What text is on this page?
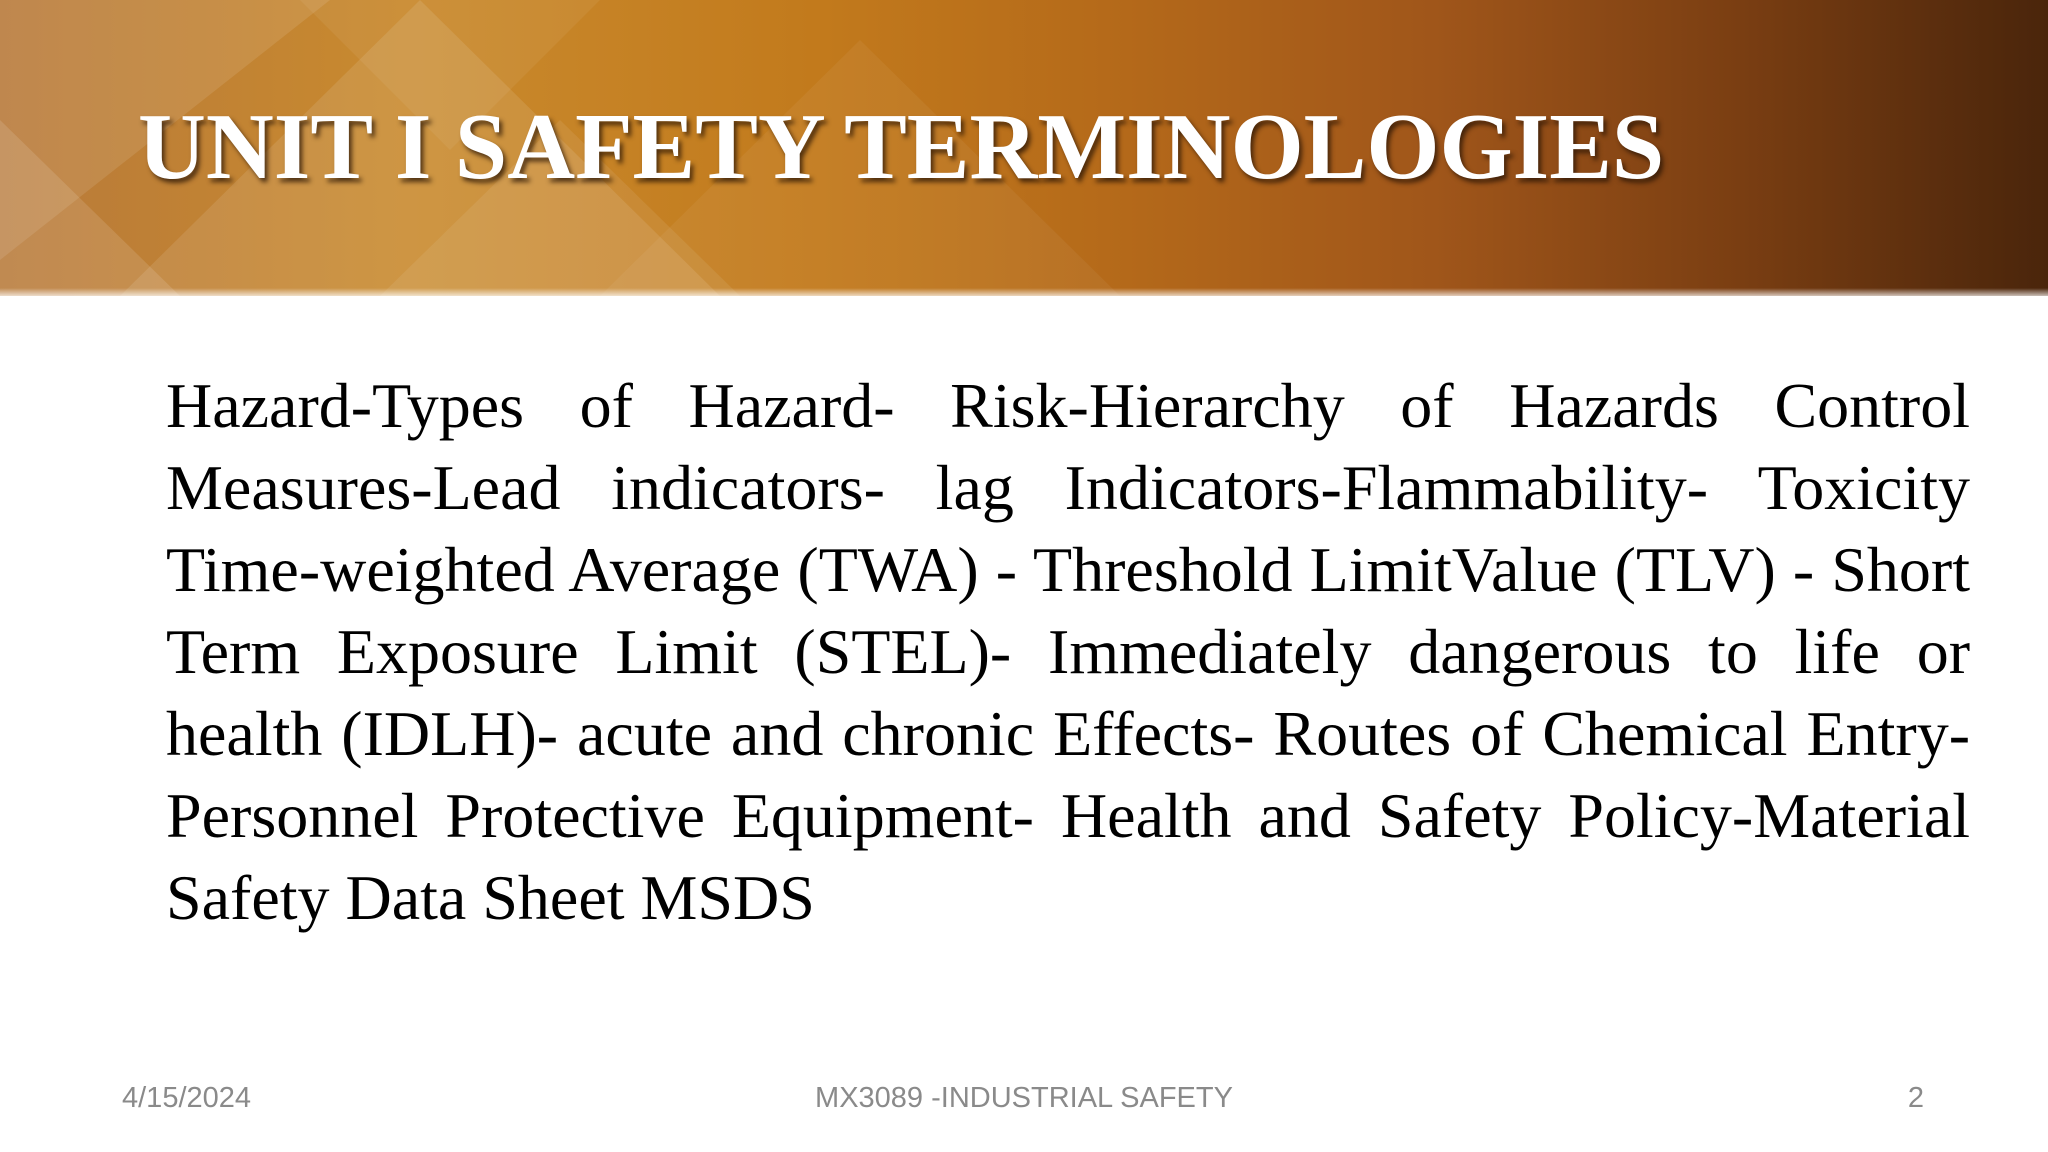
UNIT I SAFETY TERMINOLOGIES

Hazard-Types of Hazard- Risk-Hierarchy of Hazards Control Measures-Lead indicators- lag Indicators-Flammability- Toxicity Time-weighted Average (TWA) - Threshold LimitValue (TLV) - Short Term Exposure Limit (STEL)- Immediately dangerous to life or health (IDLH)- acute and chronic Effects- Routes of Chemical Entry-Personnel Protective Equipment- Health and Safety Policy-Material Safety Data Sheet MSDS

4/15/2024	MX3089 -INDUSTRIAL SAFETY	2
